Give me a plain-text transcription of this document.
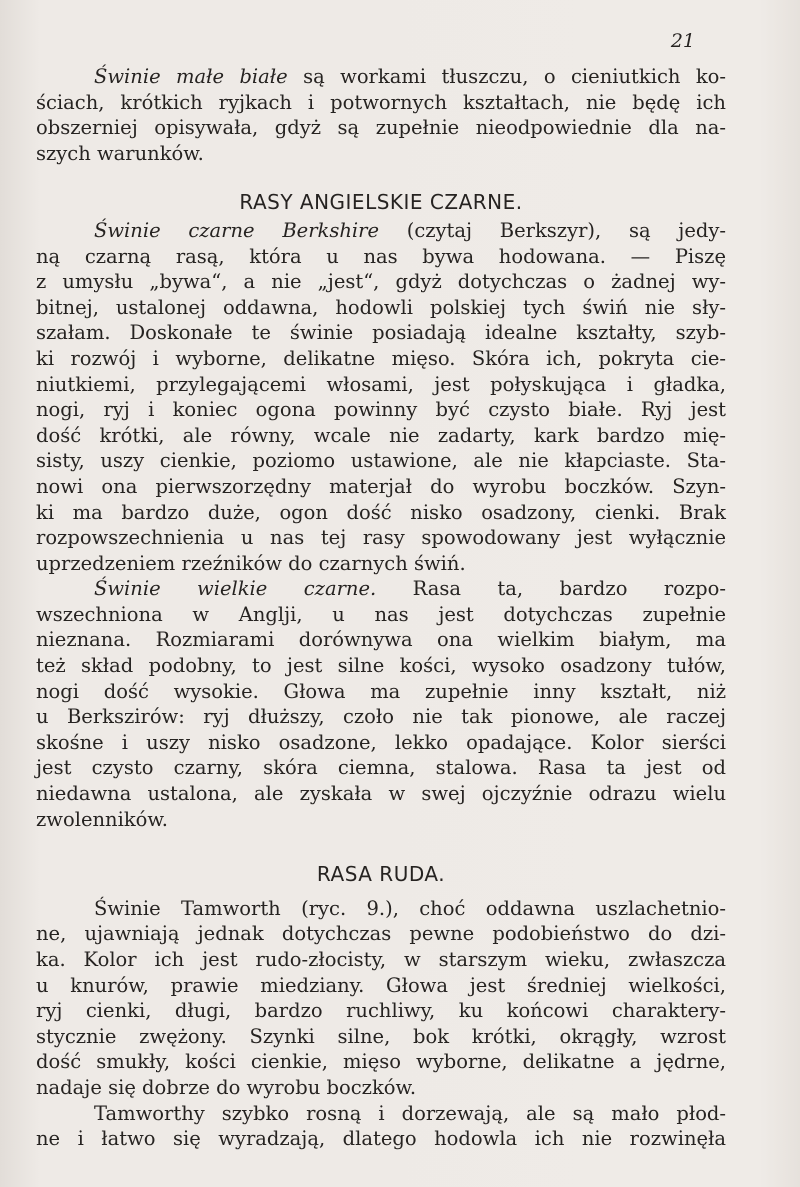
21
Świnie małe białe są workami tłuszczu, o cieniutkich ko-
ściach, krótkich ryjkach i potwornych kształtach, nie będę ich
obszerniej opisywała, gdyż są zupełnie nieodpowiednie dla na-
szych warunków.
RASY ANGIELSKIE CZARNE.
Świnie czarne Berkshire (czytaj Berkszyr), są jedy-
ną czarną rasą, która u nas bywa hodowana. — Piszę
z umysłu „bywa“, a nie „jest“, gdyż dotychczas o żadnej wy-
bitnej, ustalonej oddawna, hodowli polskiej tych świń nie sły-
szałam. Doskonałe te świnie posiadają idealne kształty, szyb-
ki rozwój i wyborne, delikatne mięso. Skóra ich, pokryta cie-
niutkiemi, przylegającemi włosami, jest połyskująca i gładka,
nogi, ryj i koniec ogona powinny być czysto białe. Ryj jest
dość krótki, ale równy, wcale nie zadarty, kark bardzo mię-
sisty, uszy cienkie, poziomo ustawione, ale nie kłapciaste. Sta-
nowi ona pierwszorzędny materjał do wyrobu boczków. Szyn-
ki ma bardzo duże, ogon dość nisko osadzony, cienki. Brak
rozpowszechnienia u nas tej rasy spowodowany jest wyłącznie
uprzedzeniem rzeźników do czarnych świń.
Świnie wielkie czarne. Rasa ta, bardzo rozpo-
wszechniona w Anglji, u nas jest dotychczas zupełnie
nieznana. Rozmiarami dorównywa ona wielkim białym, ma
też skład podobny, to jest silne kości, wysoko osadzony tułów,
nogi dość wysokie. Głowa ma zupełnie inny kształt, niż
u Berkszirów: ryj dłuższy, czoło nie tak pionowe, ale raczej
skośne i uszy nisko osadzone, lekko opadające. Kolor sierści
jest czysto czarny, skóra ciemna, stalowa. Rasa ta jest od
niedawna ustalona, ale zyskała w swej ojczyźnie odrazu wielu
zwolenników.
RASA RUDA.
Świnie Tamworth (ryc. 9.), choć oddawna uszlachetnio-
ne, ujawniają jednak dotychczas pewne podobieństwo do dzi-
ka. Kolor ich jest rudo-złocisty, w starszym wieku, zwłaszcza
u knurów, prawie miedziany. Głowa jest średniej wielkości,
ryj cienki, długi, bardzo ruchliwy, ku końcowi charaktery-
stycznie zwężony. Szynki silne, bok krótki, okrągły, wzrost
dość smukły, kości cienkie, mięso wyborne, delikatne a jędrne,
nadaje się dobrze do wyrobu boczków.
Tamworthy szybko rosną i dorzewają, ale są mało płod-
ne i łatwo się wyradzają, dlatego hodowla ich nie rozwinęła
